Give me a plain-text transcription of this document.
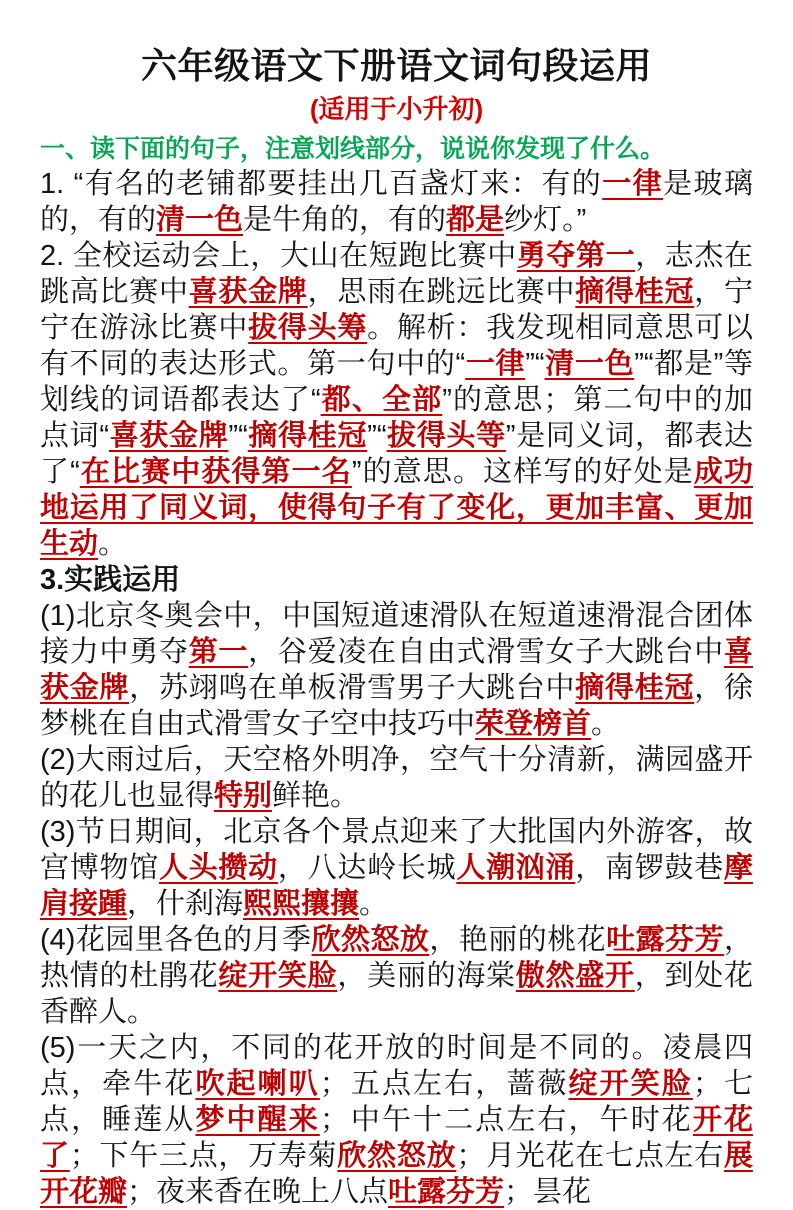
六年级语文下册语文词句段运用
(适用于小升初)
一、读下面的句子，注意划线部分，说说你发现了什么。

1. “有名的老铺都要挂出几百盏灯来：有的一律是玻璃的，有的清一色是牛角的，有的都是纱灯。”

2. 全校运动会上，大山在短跑比赛中勇夺第一，志杰在跳高比赛中喜获金牌，思雨在跳远比赛中摘得桂冠，宁宁在游泳比赛中拔得头筹。解析：我发现相同意思可以有不同的表达形式。第一句中的“一律”“清一色”“都是”等划线的词语都表达了“都、全部”的意思；第二句中的加点词“喜获金牌”“摘得桂冠”“拔得头等”是同义词，都表达了“在比赛中获得第一名”的意思。这样写的好处是成功地运用了同义词，使得句子有了变化，更加丰富、更加生动。

3.实践运用

(1)北京冬奥会中，中国短道速滑队在短道速滑混合团体接力中勇夺第一，谷爱凌在自由式滑雪女子大跳台中喜获金牌，苏翊鸣在单板滑雪男子大跳台中摘得桂冠，徐梦桃在自由式滑雪女子空中技巧中荣登榜首。

(2)大雨过后，天空格外明净，空气十分清新，满园盛开的花儿也显得特别鲜艳。

(3)节日期间，北京各个景点迎来了大批国内外游客，故宫博物馆人头攒动，八达岭长城人潮汹涌，南锣鼓巷摩肩接踵，什刹海熙熙攘攘。

(4)花园里各色的月季欣然怒放，艳丽的桃花吐露芬芳，热情的杜鹃花绽开笑脸，美丽的海棠傲然盛开，到处花香醉人。

(5)一天之内，不同的花开放的时间是不同的。凌晨四点，牵牛花吹起喇叭；五点左右，蔷薇绽开笑脸；七点，睡莲从梦中醒来；中午十二点左右，午时花开花了；下午三点，万寿菊欣然怒放；月光花在七点左右展开花瓣；夜来香在晚上八点吐露芬芳；昙花
